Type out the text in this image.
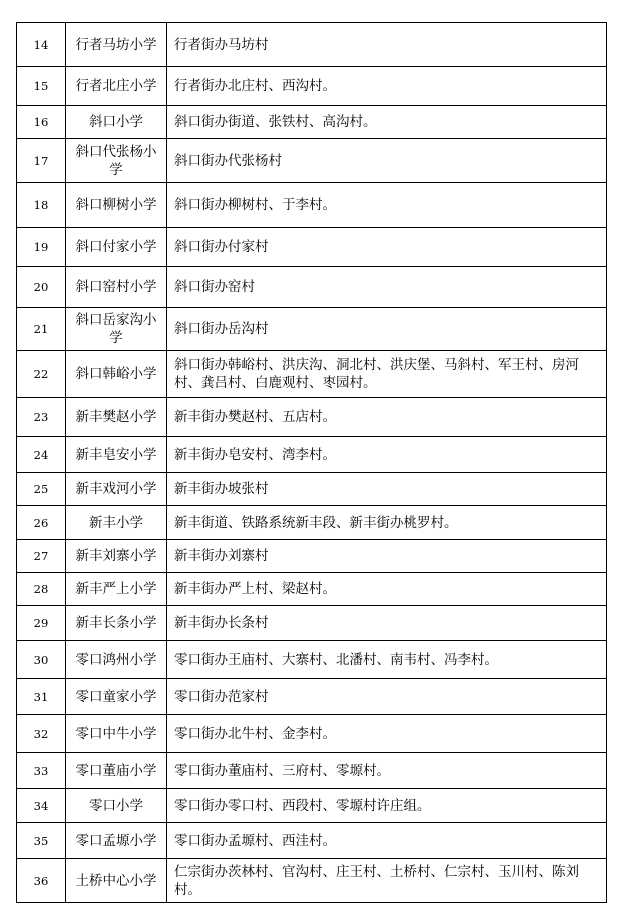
14	行者马坊小学	行者街办马坊村
15	行者北庄小学	行者街办北庄村、西沟村。
16	斜口小学	斜口街办街道、张铁村、高沟村。
17	斜口代张杨小学	斜口街办代张杨村
18	斜口柳树小学	斜口街办柳树村、于李村。
19	斜口付家小学	斜口街办付家村
20	斜口窑村小学	斜口街办窑村
21	斜口岳家沟小学	斜口街办岳沟村
22	斜口韩峪小学	斜口街办韩峪村、洪庆沟、洞北村、洪庆堡、马斜村、军王村、房河村、龚吕村、白鹿观村、枣园村。
23	新丰樊赵小学	新丰街办樊赵村、五店村。
24	新丰皂安小学	新丰街办皂安村、湾李村。
25	新丰戏河小学	新丰街办坡张村
26	新丰小学	新丰街道、铁路系统新丰段、新丰街办桃罗村。
27	新丰刘寨小学	新丰街办刘寨村
28	新丰严上小学	新丰街办严上村、梁赵村。
29	新丰长条小学	新丰街办长条村
30	零口鸿州小学	零口街办王庙村、大寨村、北潘村、南韦村、冯李村。
31	零口童家小学	零口街办范家村
32	零口中牛小学	零口街办北牛村、金李村。
33	零口董庙小学	零口街办董庙村、三府村、零塬村。
34	零口小学	零口街办零口村、西段村、零塬村许庄组。
35	零口孟塬小学	零口街办孟塬村、西洼村。
36	土桥中心小学	仁宗街办茨林村、官沟村、庄王村、土桥村、仁宗村、玉川村、陈刘村。
